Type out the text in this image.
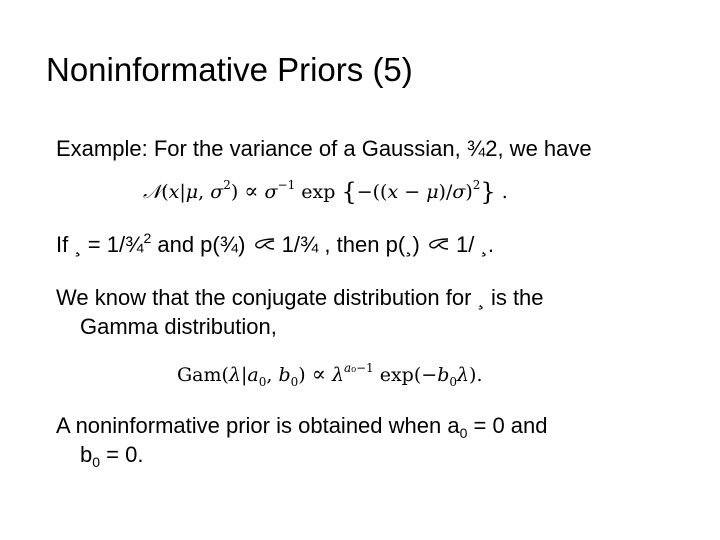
Noninformative Priors (5)
Example: For the variance of a Gaussian, ¾2, we have
𝒩(x|μ, $\sigma^2) \propto \sigma^{-1}$ $\exp \{-((x - \mu)/\sigma)^2\}$ .
If ¸ = 1/¾$^2$ and p(¾)  1/¾ , then p(¸)  1/ ¸.
We know that the conjugate distribution for ¸ is the
Gamma distribution,
$Gam(\lambda|a_0$, $b_0) \propto \lambda^{a_0-1}$ $\exp(-b_0\lambda)$.
A noninformative prior is obtained when $a_0 = 0$ and
$b_0 = 0$.
